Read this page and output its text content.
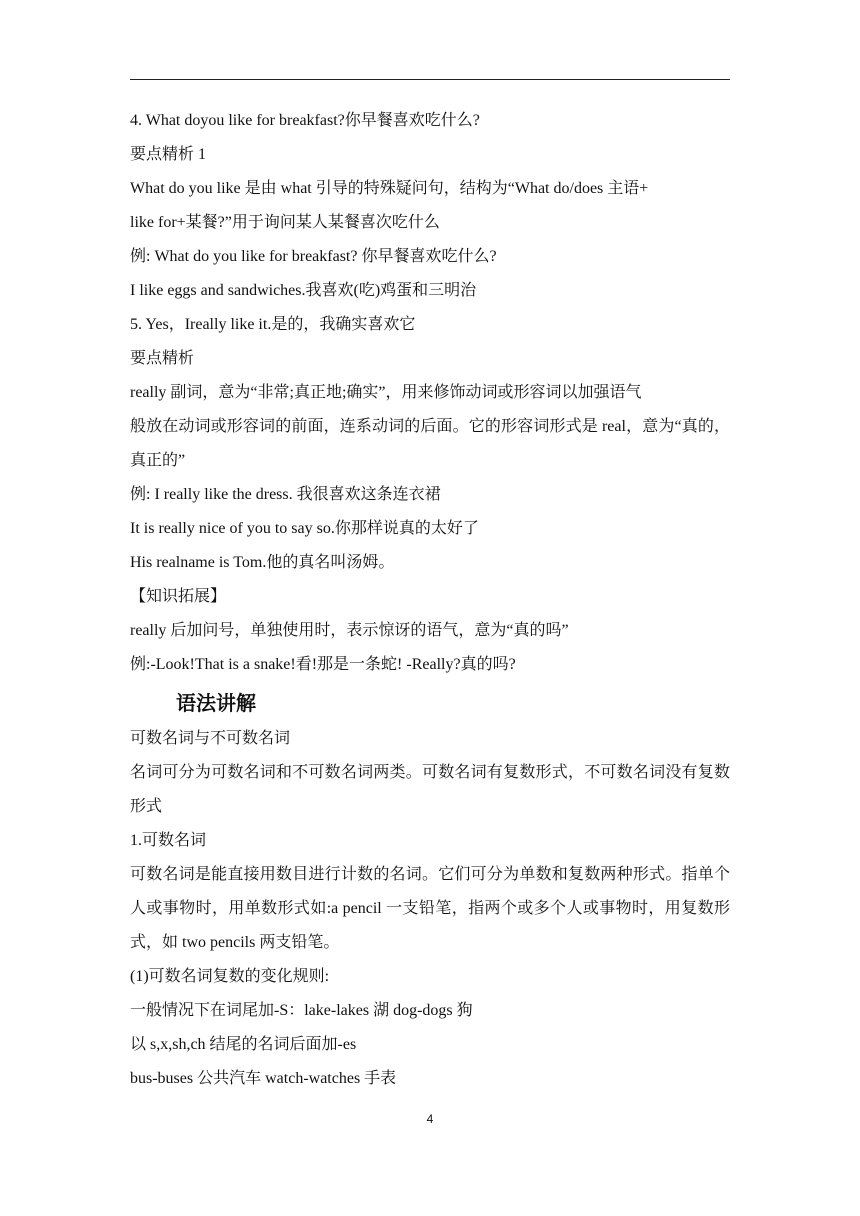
4. What doyou like for breakfast?你早餐喜欢吃什么?
要点精析 1
What do you like 是由 what 引导的特殊疑问句，结构为“What do/does 主语+
like for+某餐?”用于询问某人某餐喜次吃什么
例: What do you like for breakfast? 你早餐喜欢吃什么?
I like eggs and sandwiches.我喜欢(吃)鸡蛋和三明治
5. Yes，Ireally like it.是的，我确实喜欢它
要点精析
really 副词，意为“非常;真正地;确实”，用来修饰动词或形容词以加强语气
般放在动词或形容词的前面，连系动词的后面。它的形容词形式是 real，意为“真的，真正的”
例: I really like the dress. 我很喜欢这条连衣裙
It is really nice of you to say so.你那样说真的太好了
His realname is Tom.他的真名叫汤姆。
【知识拓展】
really 后加问号，单独使用时，表示惊讶的语气，意为“真的吗”
例:-Look!That is a snake!看!那是一条蛇! -Really?真的吗?
语法讲解
可数名词与不可数名词
名词可分为可数名词和不可数名词两类。可数名词有复数形式，不可数名词没有复数形式
1.可数名词
可数名词是能直接用数目进行计数的名词。它们可分为单数和复数两种形式。指单个人或事物时，用单数形式如:a pencil 一支铅笔，指两个或多个人或事物时，用复数形式，如 two pencils 两支铅笔。
(1)可数名词复数的变化规则:
一般情况下在词尾加-S：lake-lakes 湖 dog-dogs 狗
以 s,x,sh,ch 结尾的名词后面加-es
bus-buses 公共汽车 watch-watches 手表
4
